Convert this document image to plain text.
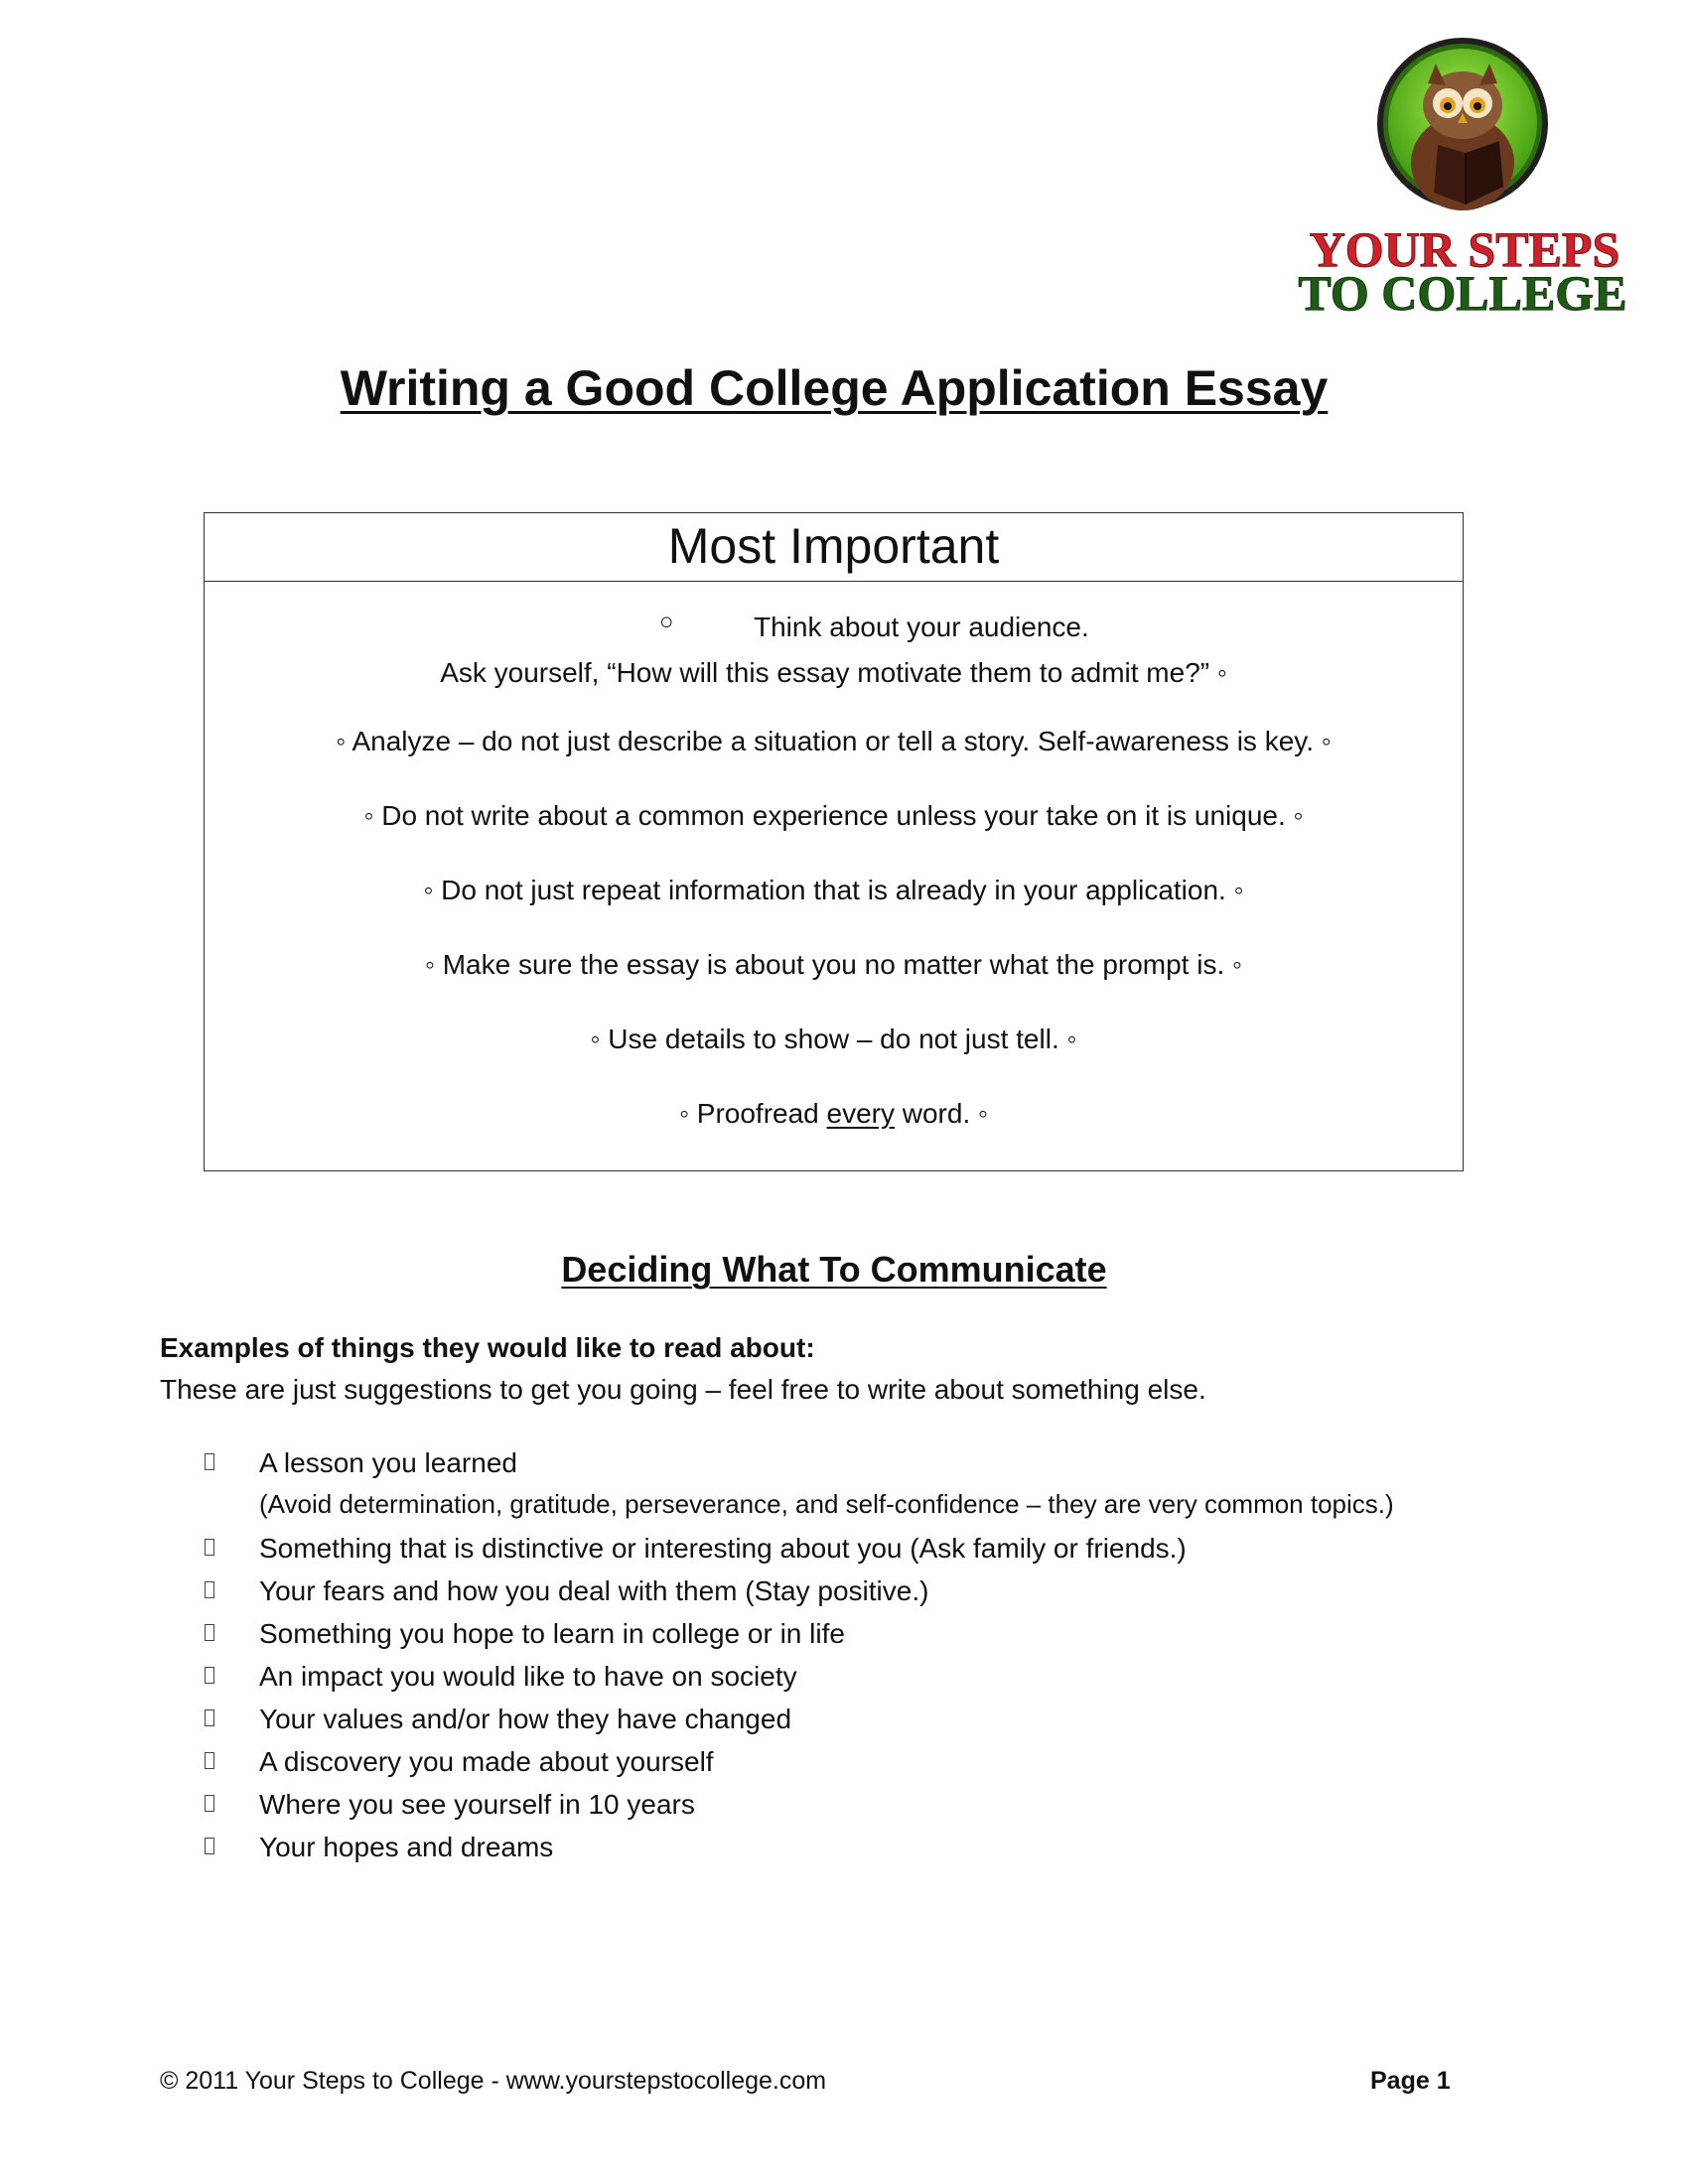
YOUR STEPS
TO COLLEGE
Writing a Good College Application Essay
Most Important
○	Think about your audience.
Ask yourself, “How will this essay motivate them to admit me?” ◦
◦ Analyze – do not just describe a situation or tell a story. Self-awareness is key. ◦
◦ Do not write about a common experience unless your take on it is unique. ◦
◦ Do not just repeat information that is already in your application. ◦
◦ Make sure the essay is about you no matter what the prompt is. ◦
◦ Use details to show – do not just tell. ◦
◦ Proofread every word. ◦
Deciding What To Communicate
Examples of things they would like to read about:
These are just suggestions to get you going – feel free to write about something else.
A lesson you learned
(Avoid determination, gratitude, perseverance, and self-confidence – they are very common topics.)
Something that is distinctive or interesting about you (Ask family or friends.)
Your fears and how you deal with them (Stay positive.)
Something you hope to learn in college or in life
An impact you would like to have on society
Your values and/or how they have changed
A discovery you made about yourself
Where you see yourself in 10 years
Your hopes and dreams
© 2011 Your Steps to College - www.yourstepstocollege.com	Page 1
